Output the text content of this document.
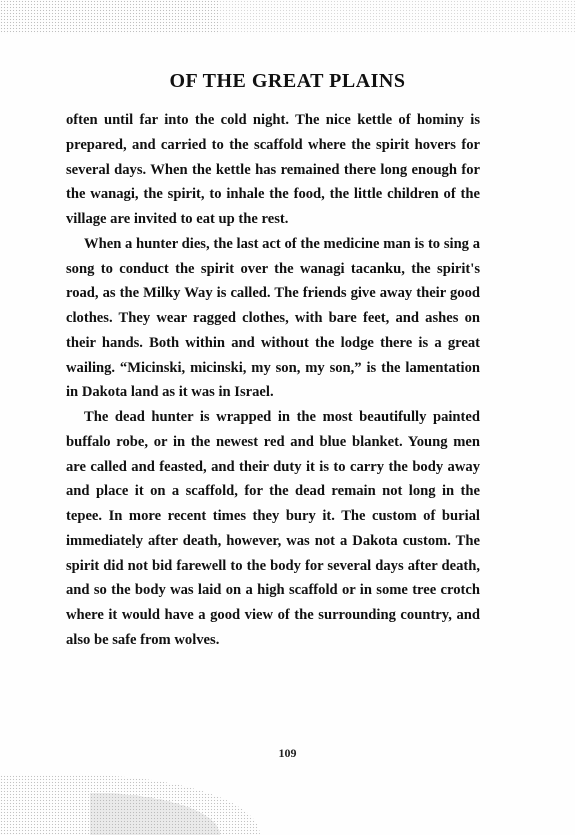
OF THE GREAT PLAINS

often until far into the cold night. The nice kettle of hominy is prepared, and carried to the scaffold where the spirit hovers for several days. When the kettle has remained there long enough for the wanagi, the spirit, to inhale the food, the little children of the village are invited to eat up the rest.

When a hunter dies, the last act of the medicine man is to sing a song to conduct the spirit over the wanagi tacanku, the spirit's road, as the Milky Way is called. The friends give away their good clothes. They wear ragged clothes, with bare feet, and ashes on their hands. Both within and without the lodge there is a great wailing. “Micinski, micinski, my son, my son,” is the lamentation in Dakota land as it was in Israel.

The dead hunter is wrapped in the most beautifully painted buffalo robe, or in the newest red and blue blanket. Young men are called and feasted, and their duty it is to carry the body away and place it on a scaffold, for the dead remain not long in the tepee. In more recent times they bury it. The custom of burial immediately after death, however, was not a Dakota custom. The spirit did not bid farewell to the body for several days after death, and so the body was laid on a high scaffold or in some tree crotch where it would have a good view of the surrounding country, and also be safe from wolves.

109
